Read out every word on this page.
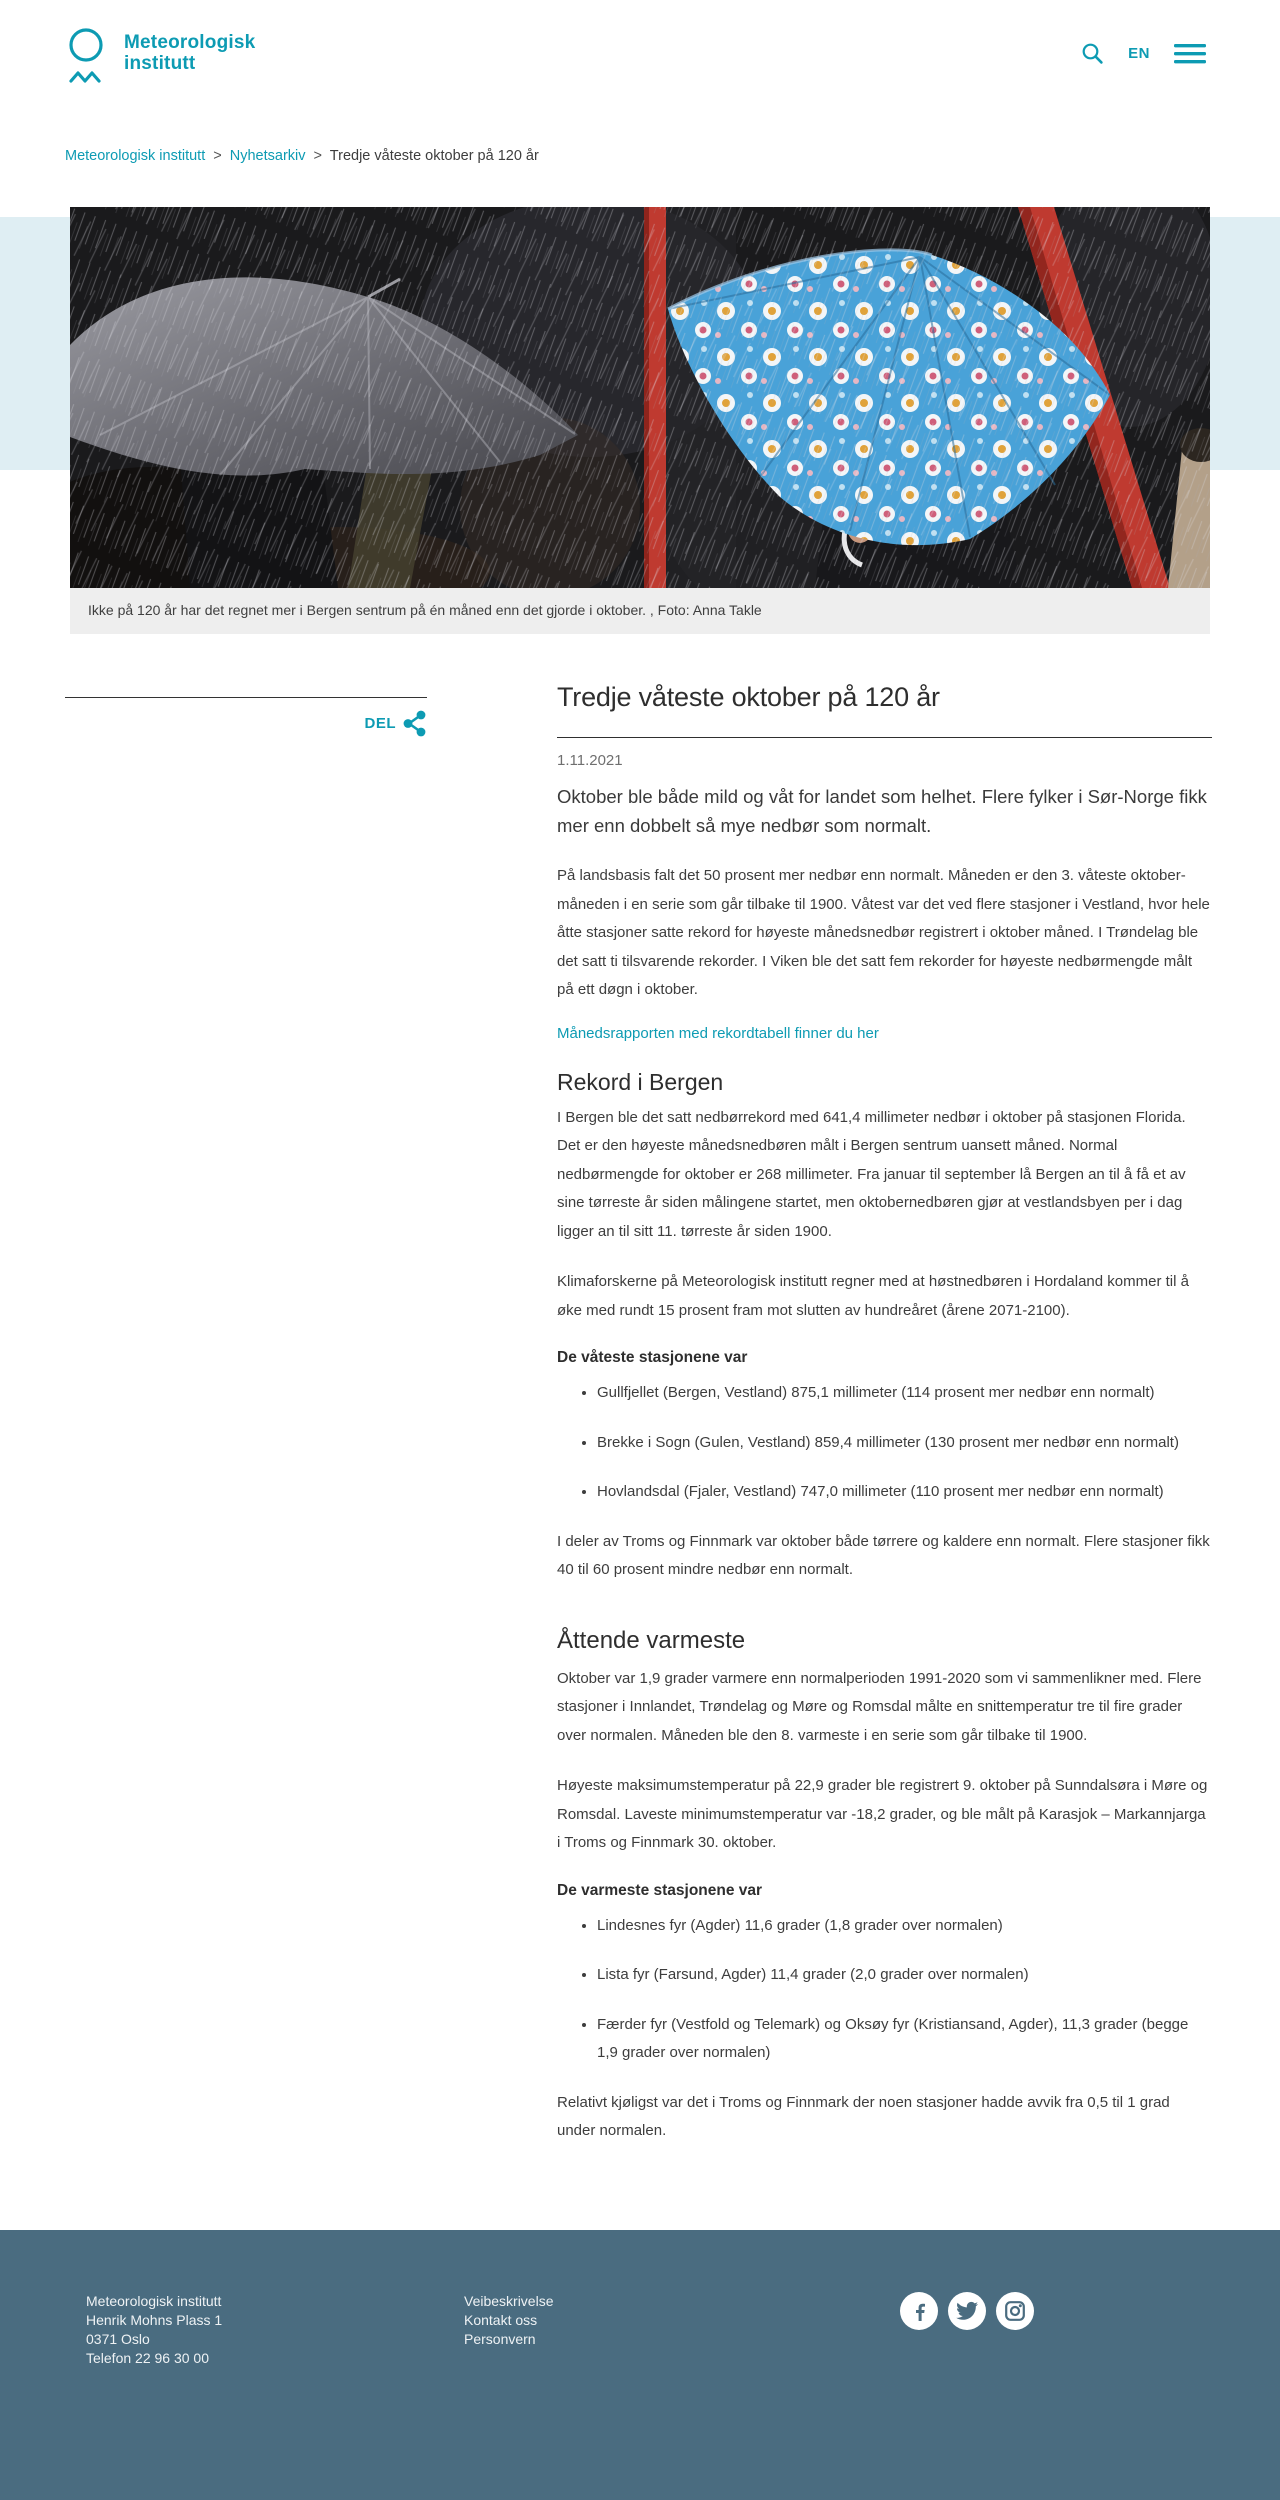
Meteorologisk
institutt	EN
Meteorologisk institutt > Nyhetsarkiv > Tredje våteste oktober på 120 år

Ikke på 120 år har det regnet mer i Bergen sentrum på én måned enn det gjorde i oktober. , Foto: Anna Takle

DEL
Tredje våteste oktober på 120 år

1.11.2021

Oktober ble både mild og våt for landet som helhet. Flere fylker i Sør-Norge fikk mer enn dobbelt så mye nedbør som normalt.

På landsbasis falt det 50 prosent mer nedbør enn normalt. Måneden er den 3. våteste oktober-måneden i en serie som går tilbake til 1900. Våtest var det ved flere stasjoner i Vestland, hvor hele åtte stasjoner satte rekord for høyeste månedsnedbør registrert i oktober måned. I Trøndelag ble det satt ti tilsvarende rekorder. I Viken ble det satt fem rekorder for høyeste nedbørmengde målt på ett døgn i oktober.

Månedsrapporten med rekordtabell finner du her
Rekord i Bergen

I Bergen ble det satt nedbørrekord med 641,4 millimeter nedbør i oktober på stasjonen Florida. Det er den høyeste månedsnedbøren målt i Bergen sentrum uansett måned. Normal nedbørmengde for oktober er 268 millimeter. Fra januar til september lå Bergen an til å få et av sine tørreste år siden målingene startet, men oktobernedbøren gjør at vestlandsbyen per i dag ligger an til sitt 11. tørreste år siden 1900.

Klimaforskerne på Meteorologisk institutt regner med at høstnedbøren i Hordaland kommer til å øke med rundt 15 prosent fram mot slutten av hundreåret (årene 2071-2100).

De våteste stasjonene var
• Gullfjellet (Bergen, Vestland) 875,1 millimeter (114 prosent mer nedbør enn normalt)
• Brekke i Sogn (Gulen, Vestland) 859,4 millimeter (130 prosent mer nedbør enn normalt)
• Hovlandsdal (Fjaler, Vestland) 747,0 millimeter (110 prosent mer nedbør enn normalt)

I deler av Troms og Finnmark var oktober både tørrere og kaldere enn normalt. Flere stasjoner fikk 40 til 60 prosent mindre nedbør enn normalt.

Åttende varmeste

Oktober var 1,9 grader varmere enn normalperioden 1991-2020 som vi sammenlikner med. Flere stasjoner i Innlandet, Trøndelag og Møre og Romsdal målte en snittemperatur tre til fire grader over normalen. Måneden ble den 8. varmeste i en serie som går tilbake til 1900.

Høyeste maksimumstemperatur på 22,9 grader ble registrert 9. oktober på Sunndalsøra i Møre og Romsdal. Laveste minimumstemperatur var -18,2 grader, og ble målt på Karasjok – Markannjarga i Troms og Finnmark 30. oktober.

De varmeste stasjonene var
• Lindesnes fyr (Agder) 11,6 grader (1,8 grader over normalen)
• Lista fyr (Farsund, Agder) 11,4 grader (2,0 grader over normalen)
• Færder fyr (Vestfold og Telemark) og Oksøy fyr (Kristiansand, Agder), 11,3 grader (begge 1,9 grader over normalen)

Relativt kjøligst var det i Troms og Finnmark der noen stasjoner hadde avvik fra 0,5 til 1 grad under normalen.

Meteorologisk institutt
Henrik Mohns Plass 1
0371 Oslo
Telefon 22 96 30 00
Veibeskrivelse
Kontakt oss
Personvern
